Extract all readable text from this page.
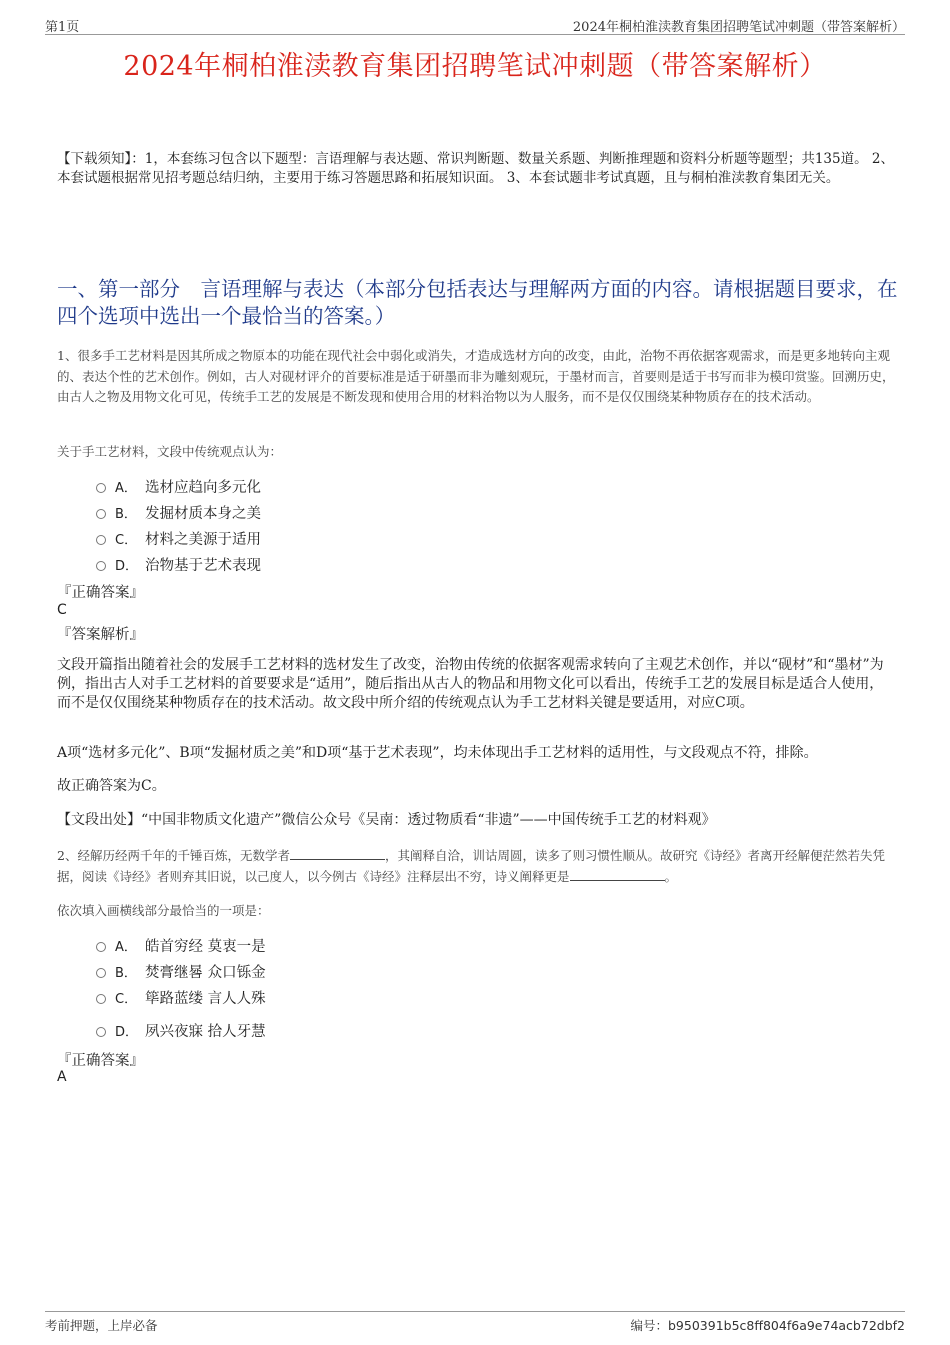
第1页	2024年桐柏淮渎教育集团招聘笔试冲刺题（带答案解析）
2024年桐柏淮渎教育集团招聘笔试冲刺题（带答案解析）
【下载须知】：1，本套练习包含以下题型：言语理解与表达题、常识判断题、数量关系题、判断推理题和资料分析题等题型；共135道。 2、本套试题根据常见招考题总结归纳，主要用于练习答题思路和拓展知识面。 3、本套试题非考试真题，且与桐柏淮渎教育集团无关。
一、第一部分　言语理解与表达（本部分包括表达与理解两方面的内容。请根据题目要求，在四个选项中选出一个最恰当的答案。）
1、很多手工艺材料是因其所成之物原本的功能在现代社会中弱化或消失，才造成选材方向的改变，由此，治物不再依据客观需求，而是更多地转向主观的、表达个性的艺术创作。例如，古人对砚材评介的首要标准是适于研墨而非为雕刻观玩，于墨材而言，首要则是适于书写而非为模印赏鉴。回溯历史，由古人之物及用物文化可见，传统手工艺的发展是不断发现和使用合用的材料治物以为人服务，而不是仅仅围绕某种物质存在的技术活动。
关于手工艺材料，文段中传统观点认为：
A． 选材应趋向多元化
B． 发掘材质本身之美
C． 材料之美源于适用
D． 治物基于艺术表现
『正确答案』
C
『答案解析』
文段开篇指出随着社会的发展手工艺材料的选材发生了改变，治物由传统的依据客观需求转向了主观艺术创作，并以“砚材”和“墨材”为例，指出古人对手工艺材料的首要要求是“适用”，随后指出从古人的物品和用物文化可以看出，传统手工艺的发展目标是适合人使用，而不是仅仅围绕某种物质存在的技术活动。故文段中所介绍的传统观点认为手工艺材料关键是要适用，对应C项。
A项“选材多元化”、B项“发掘材质之美”和D项“基于艺术表现”，均未体现出手工艺材料的适用性，与文段观点不符，排除。
故正确答案为C。
【文段出处】“中国非物质文化遗产”微信公众号《吴南：透过物质看“非遗”——中国传统手工艺的材料观》
2、经解历经两千年的千锤百炼，无数学者	，其阐释自洽，训诂周圆，读多了则习惯性顺从。故研究《诗经》者离开经解便茫然若失凭据，阅读《诗经》者则弃其旧说，以己度人，以今例古《诗经》注释层出不穷，诗义阐释更是	。
依次填入画横线部分最恰当的一项是：
A． 皓首穷经 莫衷一是
B． 焚膏继晷 众口铄金
C． 筚路蓝缕 言人人殊
D． 夙兴夜寐 拾人牙慧
『正确答案』
A
考前押题，上岸必备	编号：b950391b5c8ff804f6a9e74acb72dbf2
